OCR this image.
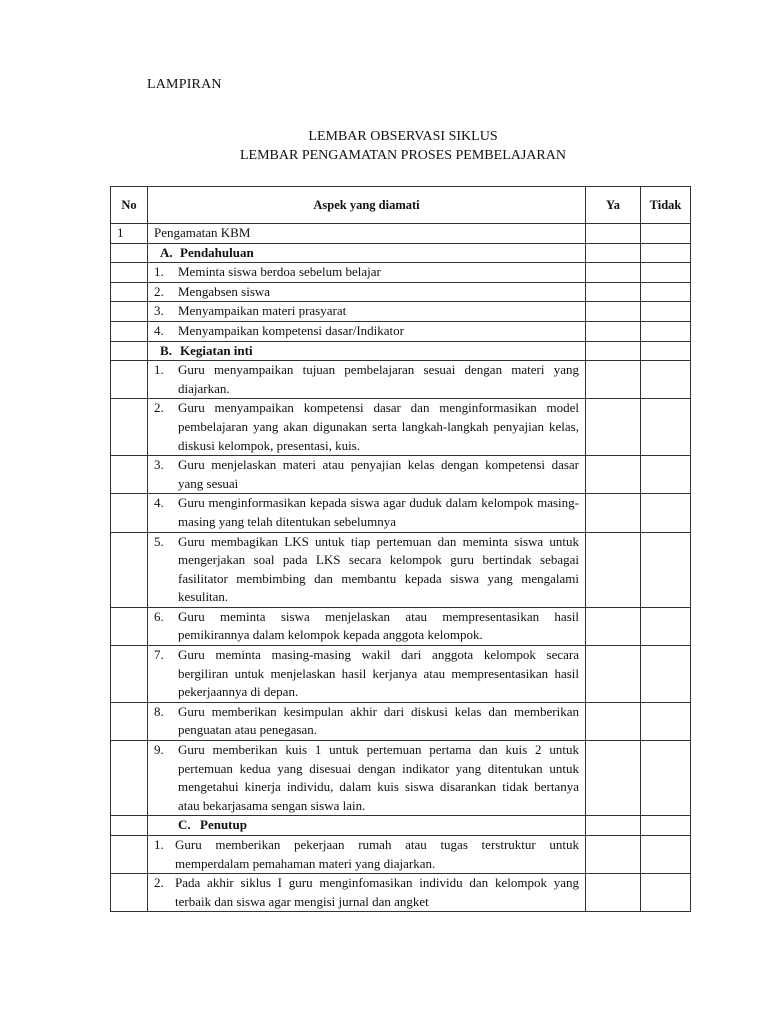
LAMPIRAN
LEMBAR OBSERVASI SIKLUS
LEMBAR PENGAMATAN PROSES PEMBELAJARAN
No	Aspek yang diamati	Ya	Tidak
1	Pengamatan KBM		

	A. Pendahuluan		

	1. Meminta siswa berdoa sebelum belajar		

	2. Mengabsen siswa		

	3. Menyampaikan materi prasyarat		

	4. Menyampaikan kompetensi dasar/Indikator		

	B. Kegiatan inti		

	1. Guru menyampaikan tujuan pembelajaran sesuai dengan materi yang diajarkan.		

	2. Guru menyampaikan kompetensi dasar dan menginformasikan model pembelajaran yang akan digunakan serta langkah-langkah penyajian kelas, diskusi kelompok, presentasi, kuis.		

	3. Guru menjelaskan materi atau penyajian kelas dengan kompetensi dasar yang sesuai		

	4. Guru menginformasikan kepada siswa agar duduk dalam kelompok masing-masing yang telah ditentukan sebelumnya		

	5. Guru membagikan LKS untuk tiap pertemuan dan meminta siswa untuk mengerjakan soal pada LKS secara kelompok guru bertindak sebagai fasilitator membimbing dan membantu kepada siswa yang mengalami kesulitan.		

	6. Guru meminta siswa menjelaskan atau mempresentasikan hasil pemikirannya dalam kelompok kepada anggota kelompok.		

	7. Guru meminta masing-masing wakil dari anggota kelompok secara bergiliran untuk menjelaskan hasil kerjanya atau mempresentasikan hasil pekerjaannya di depan.		

	8. Guru memberikan kesimpulan akhir dari diskusi kelas dan memberikan penguatan atau penegasan.		

	9. Guru memberikan kuis 1 untuk pertemuan pertama dan kuis 2 untuk pertemuan kedua yang disesuai dengan indikator yang ditentukan untuk mengetahui kinerja individu, dalam kuis siswa disarankan tidak bertanya atau bekarjasama sengan siswa lain.		

	C. Penutup		

	1. Guru memberikan pekerjaan rumah atau tugas terstruktur untuk memperdalam pemahaman materi yang diajarkan.		

	2. Pada akhir siklus I guru menginfomasikan individu dan kelompok yang terbaik dan siswa agar mengisi jurnal dan angket		
